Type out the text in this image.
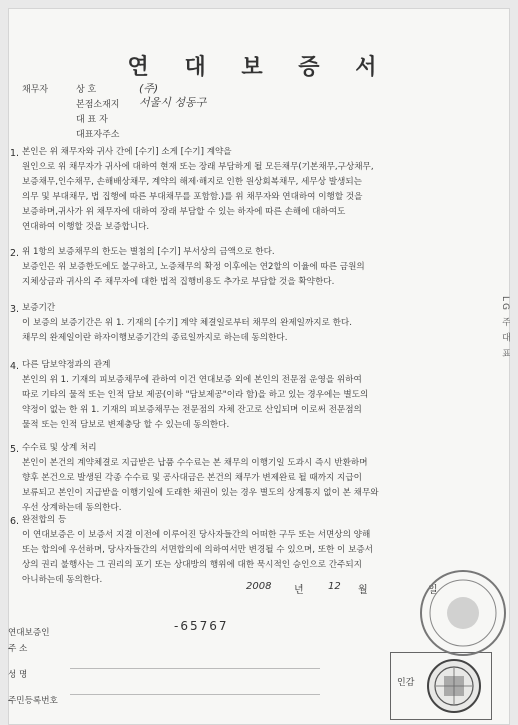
연 대 보 증 서
채무자	상 호	(주)
본점소재지 서울시 성동구
대 표 자
대표자주소
1. 본인은 위 채무자와 귀사 간에 [수기] 소게 [수기] 계약을
원인으로 위 채무자가 귀사에 대하여 현재 또는 장래 부담하게 될 모든채무(기본채무,구상채무,
보증채무,인수채무, 손해배상채무, 계약의 해제·해지로 인한 원상회복채무, 세무상 발생되는
의무 및 부대채무, 법 집행에 따른 부대채무를 포함함.)를 위 채무자와 연대하여 이행할 것을
보증하며,귀사가 위 채무자에 대하여 장래 부담할 수 있는 하자에 따른 손해에 대하여도
연대하여 이행할 것을 보증합니다.
2. 위 1항의 보증채무의 한도는 별첨의 [수기] 부서상의 금액으로 한다.
보증인은 위 보증한도에도 불구하고, 노증채무의 확정 이후에는 연2할의 이율에 따른 금원의
지체상금과 귀사의 주 채무자에 대한 법적 집행비용도 추가로 부담할 것을 확약한다.
3. 보증기간
이 보증의 보증기간은 위 1. 기재의 [수기] 계약 체결일로부터 채무의 완제일까지로 한다.
채무의 완제일이란 하자이행보증기간의 종료일까지로 하는데 동의한다.
4. 다른 담보약정과의 관계
본인의 위 1. 기재의 피보증채무에 관하여 이건 연대보증 외에 본인의 전문점 운영을 위하여
따로 기타의 물적 또는 인적 담보 제공(이하 "담보제공"이라 함)을 하고 있는 경우에는 별도의
약정이 없는 한 위 1. 기재의 피보증채무는 전문점의 자체 잔고로 산입되며 이로써 전문점의
물적 또는 인적 담보로 변제충당 할 수 있는데 동의한다.
5. 수수료 및 상계 처리
본인이 본건의 계약체결로 지급받은 납품 수수료는 본 채무의 이행기일 도과시 즉시 반환하며
향후 본건으로 발생된 각종 수수료 및 공사대금은 본건의 채무가 변제완료 될 때까지 지급이
보류되고 본인이 지급받을 이행기일에 도래한 채권이 있는 경우 별도의 상계통지 없이 본 채무와
우선 상계하는데 동의한다.
6. 완전합의 등
이 연대보증은 이 보증서 지결 이전에 이루어진 당사자들간의 어떠한 구두 또는 서면상의 양해
또는 합의에 우선하며, 당사자들간의 서면합의에 의하여서만 변경될 수 있으며, 또한 이 보증서
상의 권리 불행사는 그 권리의 포기 또는 상대방의 행위에 대한 묵시적인 승인으로 간주되지
아니하는데 동의한다.
2008 년 12 월	일
연대보증인
주 소
성 명
주민등록번호
-65767
인감
LG 주 대 표
